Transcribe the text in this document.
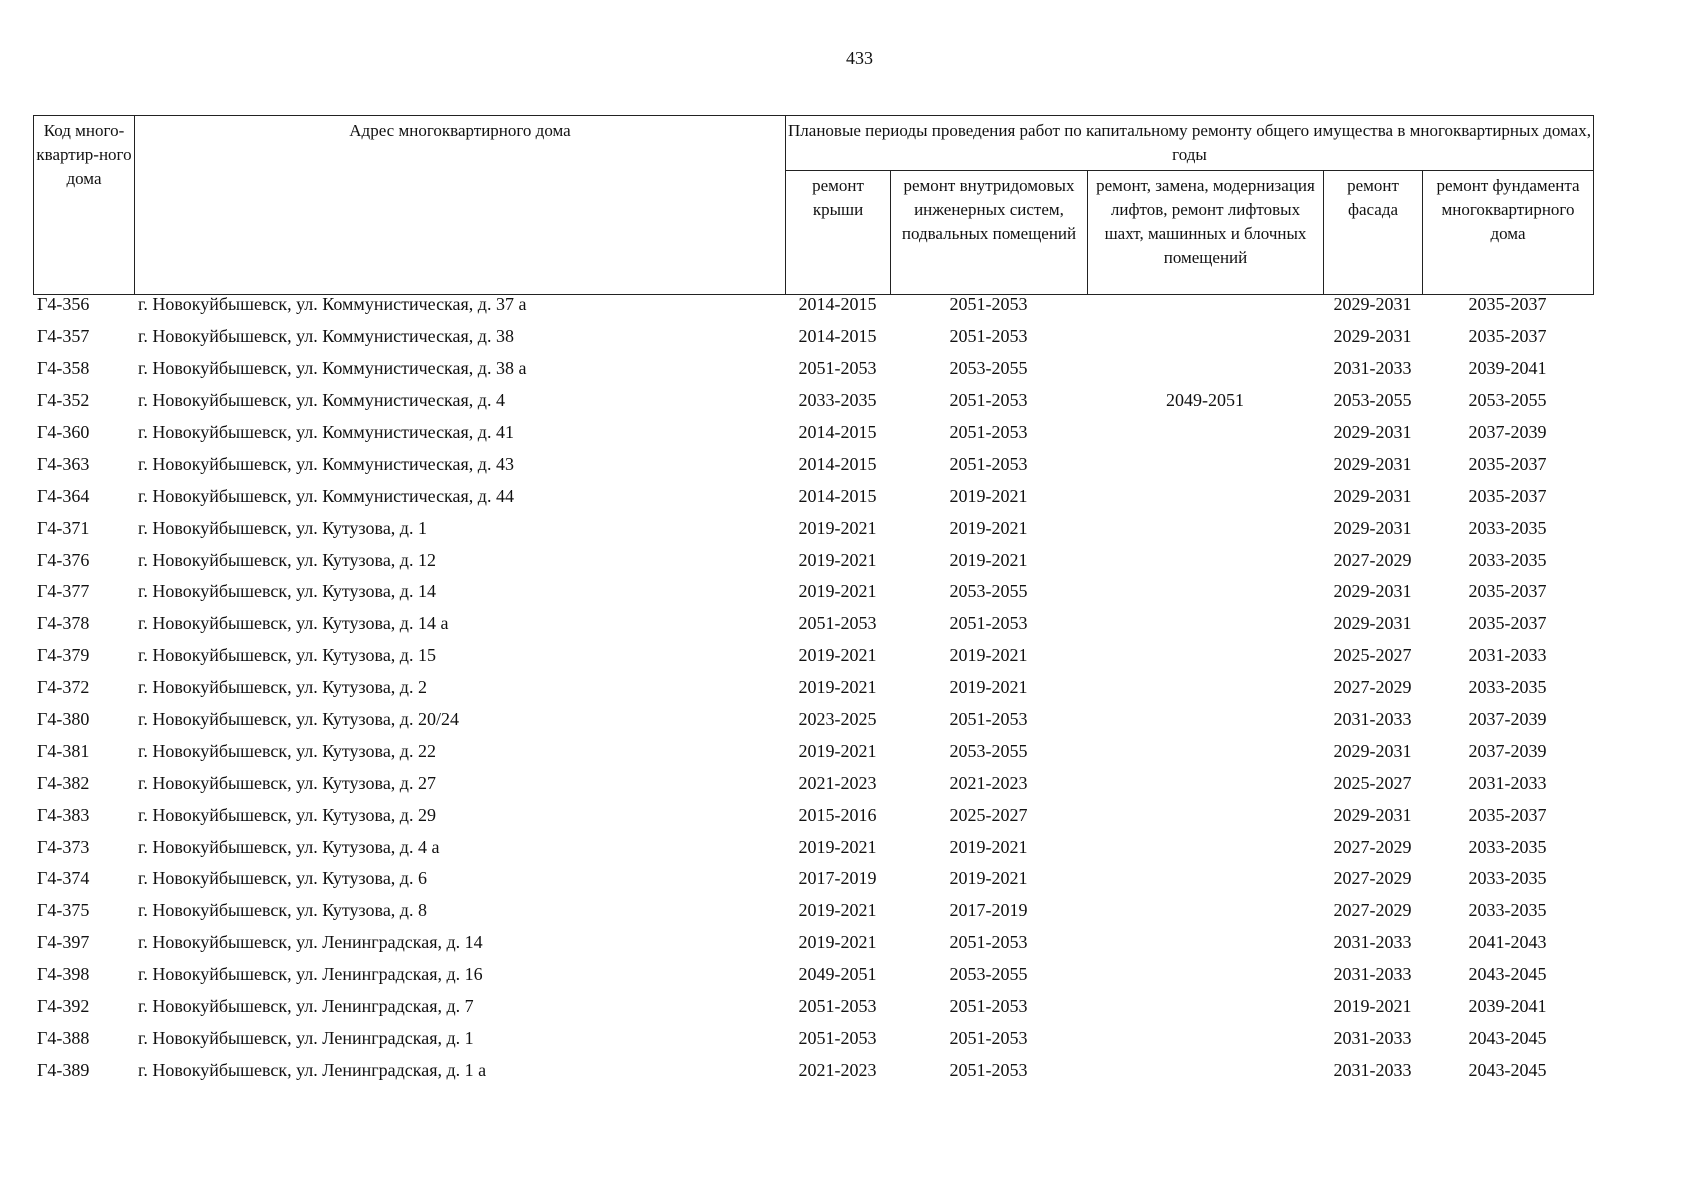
433
Код много-квартир-ного дома	Адрес многоквартирного дома	Плановые периоды проведения работ по капитальному ремонту общего имущества в многоквартирных домах, годы				
		ремонт крыши	ремонт внутридомовых инженерных систем, подвальных помещений	ремонт, замена, модернизация лифтов, ремонт лифтовых шахт, машинных и блочных помещений	ремонт фасада	ремонт фундамента многоквартирного дома
Г4-356	г. Новокуйбышевск, ул. Коммунистическая, д. 37 а	2014-2015	2051-2053		2029-2031	2035-2037
Г4-357	г. Новокуйбышевск, ул. Коммунистическая, д. 38	2014-2015	2051-2053		2029-2031	2035-2037
Г4-358	г. Новокуйбышевск, ул. Коммунистическая, д. 38 а	2051-2053	2053-2055		2031-2033	2039-2041
Г4-352	г. Новокуйбышевск, ул. Коммунистическая, д. 4	2033-2035	2051-2053	2049-2051	2053-2055	2053-2055
Г4-360	г. Новокуйбышевск, ул. Коммунистическая, д. 41	2014-2015	2051-2053		2029-2031	2037-2039
Г4-363	г. Новокуйбышевск, ул. Коммунистическая, д. 43	2014-2015	2051-2053		2029-2031	2035-2037
Г4-364	г. Новокуйбышевск, ул. Коммунистическая, д. 44	2014-2015	2019-2021		2029-2031	2035-2037
Г4-371	г. Новокуйбышевск, ул. Кутузова, д. 1	2019-2021	2019-2021		2029-2031	2033-2035
Г4-376	г. Новокуйбышевск, ул. Кутузова, д. 12	2019-2021	2019-2021		2027-2029	2033-2035
Г4-377	г. Новокуйбышевск, ул. Кутузова, д. 14	2019-2021	2053-2055		2029-2031	2035-2037
Г4-378	г. Новокуйбышевск, ул. Кутузова, д. 14 а	2051-2053	2051-2053		2029-2031	2035-2037
Г4-379	г. Новокуйбышевск, ул. Кутузова, д. 15	2019-2021	2019-2021		2025-2027	2031-2033
Г4-372	г. Новокуйбышевск, ул. Кутузова, д. 2	2019-2021	2019-2021		2027-2029	2033-2035
Г4-380	г. Новокуйбышевск, ул. Кутузова, д. 20/24	2023-2025	2051-2053		2031-2033	2037-2039
Г4-381	г. Новокуйбышевск, ул. Кутузова, д. 22	2019-2021	2053-2055		2029-2031	2037-2039
Г4-382	г. Новокуйбышевск, ул. Кутузова, д. 27	2021-2023	2021-2023		2025-2027	2031-2033
Г4-383	г. Новокуйбышевск, ул. Кутузова, д. 29	2015-2016	2025-2027		2029-2031	2035-2037
Г4-373	г. Новокуйбышевск, ул. Кутузова, д. 4 а	2019-2021	2019-2021		2027-2029	2033-2035
Г4-374	г. Новокуйбышевск, ул. Кутузова, д. 6	2017-2019	2019-2021		2027-2029	2033-2035
Г4-375	г. Новокуйбышевск, ул. Кутузова, д. 8	2019-2021	2017-2019		2027-2029	2033-2035
Г4-397	г. Новокуйбышевск, ул. Ленинградская, д. 14	2019-2021	2051-2053		2031-2033	2041-2043
Г4-398	г. Новокуйбышевск, ул. Ленинградская, д. 16	2049-2051	2053-2055		2031-2033	2043-2045
Г4-392	г. Новокуйбышевск, ул. Ленинградская, д. 7	2051-2053	2051-2053		2019-2021	2039-2041
Г4-388	г. Новокуйбышевск, ул. Ленинградская, д. 1	2051-2053	2051-2053		2031-2033	2043-2045
Г4-389	г. Новокуйбышевск, ул. Ленинградская, д. 1 а	2021-2023	2051-2053		2031-2033	2043-2045
